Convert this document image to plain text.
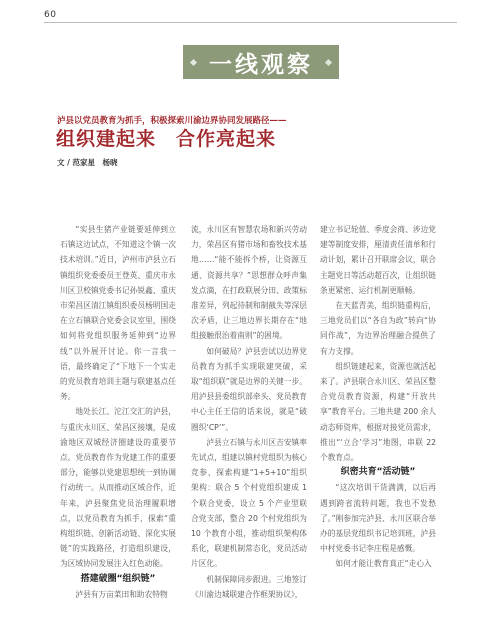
60
一线观察
泸县以党员教育为抓手，积极探索川渝边界协同发展路径——
组织建起来　合作亮起来
文 / 范家星　杨晓

“实县生猪产业链要延伸到立石镇这边试点，不知道这个镇一次技术培训。”近日，泸州市泸县立石镇组织党委委员王登英、重庆市永川区卫校镇党委书记孙锐鑫、重庆市荣昌区清江镇组织委员杨明国走在立石镇联合党委会议室里，围绕如何将党组织服务延伸到“边界线”以外展开讨论。你一言我一语，最终确定了“下地下一个实走的党员教育培训主题与联建基点任务。

地处长江、沱江交汇的泸县，与重庆永川区、荣昌区接壤，是成渝地区双城经济圈建设的重要节点。党员教育作为党建工作的重要部分，能够以党建思想统一到协调行动统一。从而推动区域合作，近年来，泸县聚焦党员治理履职增点，以党员教育为抓手，探索“重构组织链、创新活动链、深化实展链”的实践路径，打造组织建设，为区域协同发展注入红色动能。

搭建破圈“组织链”

泸县有万亩菜田和助农特物

流，永川区有智慧农场和新兴劳动力，荣昌区有猪市场和畜牧技术基地……“能不能拆个桥，让资源互通、资源共享？”思想群众呼声集发点滴，在打政联展分田、政策标准差异，列起待制和制截失等深层次矛盾，让三地边界长期存在“地组接触很治着南则”的困境。

如何破局？泸县尝试以边界党员教育为抓手实现联建突破，采取“组织联”就是边界的关键一步。用泸县县委组织部牵头、党员教育中心主任王信的话来说，就是“破圈织‘CP’”。

泸县立石镇与永川区吉安镇率先试点，组建以镇村党组织为核心竞参、探索构建“1+5+10”组织架构：联合 5 个村党组织建成 1 个联合党委，设立 5 个产业型联合党支部，整合 20 个村党组织为 10 个教育小组，推动组织架构体系化，联建机制常态化，党员活动片区化。

机制保障同步跟进。三地签订《川渝边城联建合作框架协议》，

建立书记轮值、季度会商、涉边党建等制度安排，厘清责任清单和行动计划，累计召开联席会议，联合主题党日等活动超百次，让组织链条更紧密、运行机制更顺畅。

在天蓝青美，组织链重构后，三地党员们以“各自为政”转向“协同作战”，为边界治理融合提供了有力支撑。

组织链建起来，资源也就活起来了。泸县联合永川区、荣昌区整合党员教育资源，构建“开放共享”教育平台。三地共建 200 余人动态师资库，根据对接党员需求，推出“‘立合’学习”地图，串联 22 个教育点。

织密共育“活动链”

“这次培训干货满满，以后再遇到跨省流转问题，我也不发愁了。”刚参加完泸县、永川区联合举办的基层党组织书记培训班，泸县中村党委书记李庄程是感慨。

如何才能让教育真正“走心入
